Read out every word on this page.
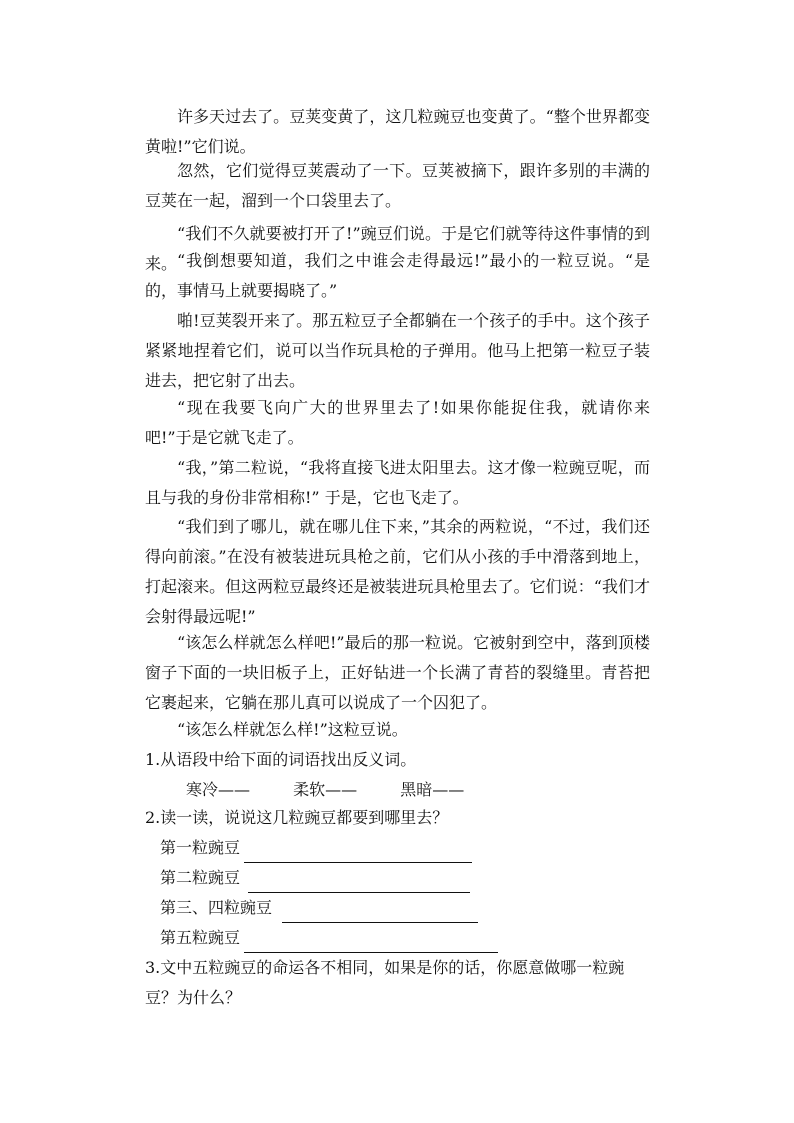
许多天过去了。豆荚变黄了，这几粒豌豆也变黄了。“整个世界都变黄啦!”它们说。

忽然，它们觉得豆荚震动了一下。豆荚被摘下，跟许多别的丰满的豆荚在一起，溜到一个口袋里去了。

“我们不久就要被打开了!”豌豆们说。于是它们就等待这件事情的到来。 “我倒想要知道，我们之中谁会走得最远!”最小的一粒豆说。“是的，事情马上就要揭晓了。”

啪!豆荚裂开来了。那五粒豆子全都躺在一个孩子的手中。这个孩子紧紧地捏着它们，说可以当作玩具枪的子弹用。他马上把第一粒豆子装进去，把它射了出去。

“现在我要飞向广大的世界里去了!如果你能捉住我，就请你来吧!”于是它就飞走了。

“我，”第二粒说，“我将直接飞进太阳里去。这才像一粒豌豆呢，而且与我的身份非常相称!” 于是，它也飞走了。

“我们到了哪儿，就在哪儿住下来，”其余的两粒说，“不过，我们还得向前滚。”在没有被装进玩具枪之前，它们从小孩的手中滑落到地上，打起滚来。但这两粒豆最终还是被装进玩具枪里去了。它们说：“我们才会射得最远呢!”

“该怎么样就怎么样吧!”最后的那一粒说。它被射到空中，落到顶楼窗子下面的一块旧板子上，正好钻进一个长满了青苔的裂缝里。青苔把它裹起来，它躺在那儿真可以说成了一个囚犯了。

“该怎么样就怎么样!”这粒豆说。

1.从语段中给下面的词语找出反义词。

寒冷——	柔软——	黑暗——

2.读一读，说说这几粒豌豆都要到哪里去？

第一粒豌豆
第二粒豌豆
第三、四粒豌豆
第五粒豌豆

3.文中五粒豌豆的命运各不相同，如果是你的话，你愿意做哪一粒豌豆？为什么？
